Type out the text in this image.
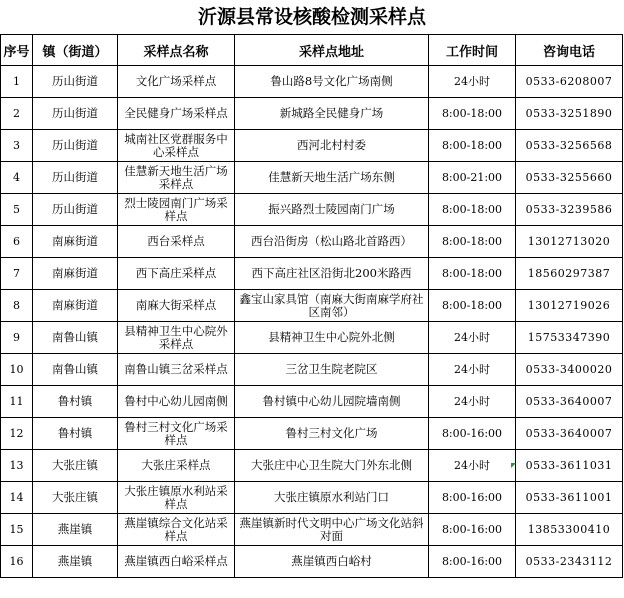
沂源县常设核酸检测采样点
序号	镇（街道）	采样点名称	采样点地址	工作时间	咨询电话
1	历山街道	文化广场采样点	鲁山路8号文化广场南侧	24小时	0533-6208007
2	历山街道	全民健身广场采样点	新城路全民健身广场	8:00-18:00	0533-3251890
3	历山街道	城南社区党群服务中心采样点	西河北村村委	8:00-18:00	0533-3256568
4	历山街道	佳慧新天地生活广场采样点	佳慧新天地生活广场东侧	8:00-21:00	0533-3255660
5	历山街道	烈士陵园南门广场采样点	振兴路烈士陵园南门广场	8:00-18:00	0533-3239586
6	南麻街道	西台采样点	西台沿街房（松山路北首路西）	8:00-18:00	13012713020
7	南麻街道	西下高庄采样点	西下高庄社区沿街北200米路西	8:00-18:00	18560297387
8	南麻街道	南麻大街采样点	鑫宝山家具馆（南麻大街南麻学府社区南邻）	8:00-18:00	13012719026
9	南鲁山镇	县精神卫生中心院外采样点	县精神卫生中心院外北侧	24小时	15753347390
10	南鲁山镇	南鲁山镇三岔采样点	三岔卫生院老院区	24小时	0533-3400020
11	鲁村镇	鲁村中心幼儿园南侧	鲁村镇中心幼儿园院墙南侧	24小时	0533-3640007
12	鲁村镇	鲁村三村文化广场采样点	鲁村三村文化广场	8:00-16:00	0533-3640007
13	大张庄镇	大张庄采样点	大张庄中心卫生院大门外东北侧	24小时	0533-3611031
14	大张庄镇	大张庄镇原水利站采样点	大张庄镇原水利站门口	8:00-16:00	0533-3611001
15	燕崖镇	燕崖镇综合文化站采样点	燕崖镇新时代文明中心广场文化站斜对面	8:00-16:00	13853300410
16	燕崖镇	燕崖镇西白峪采样点	燕崖镇西白峪村	8:00-16:00	0533-2343112
